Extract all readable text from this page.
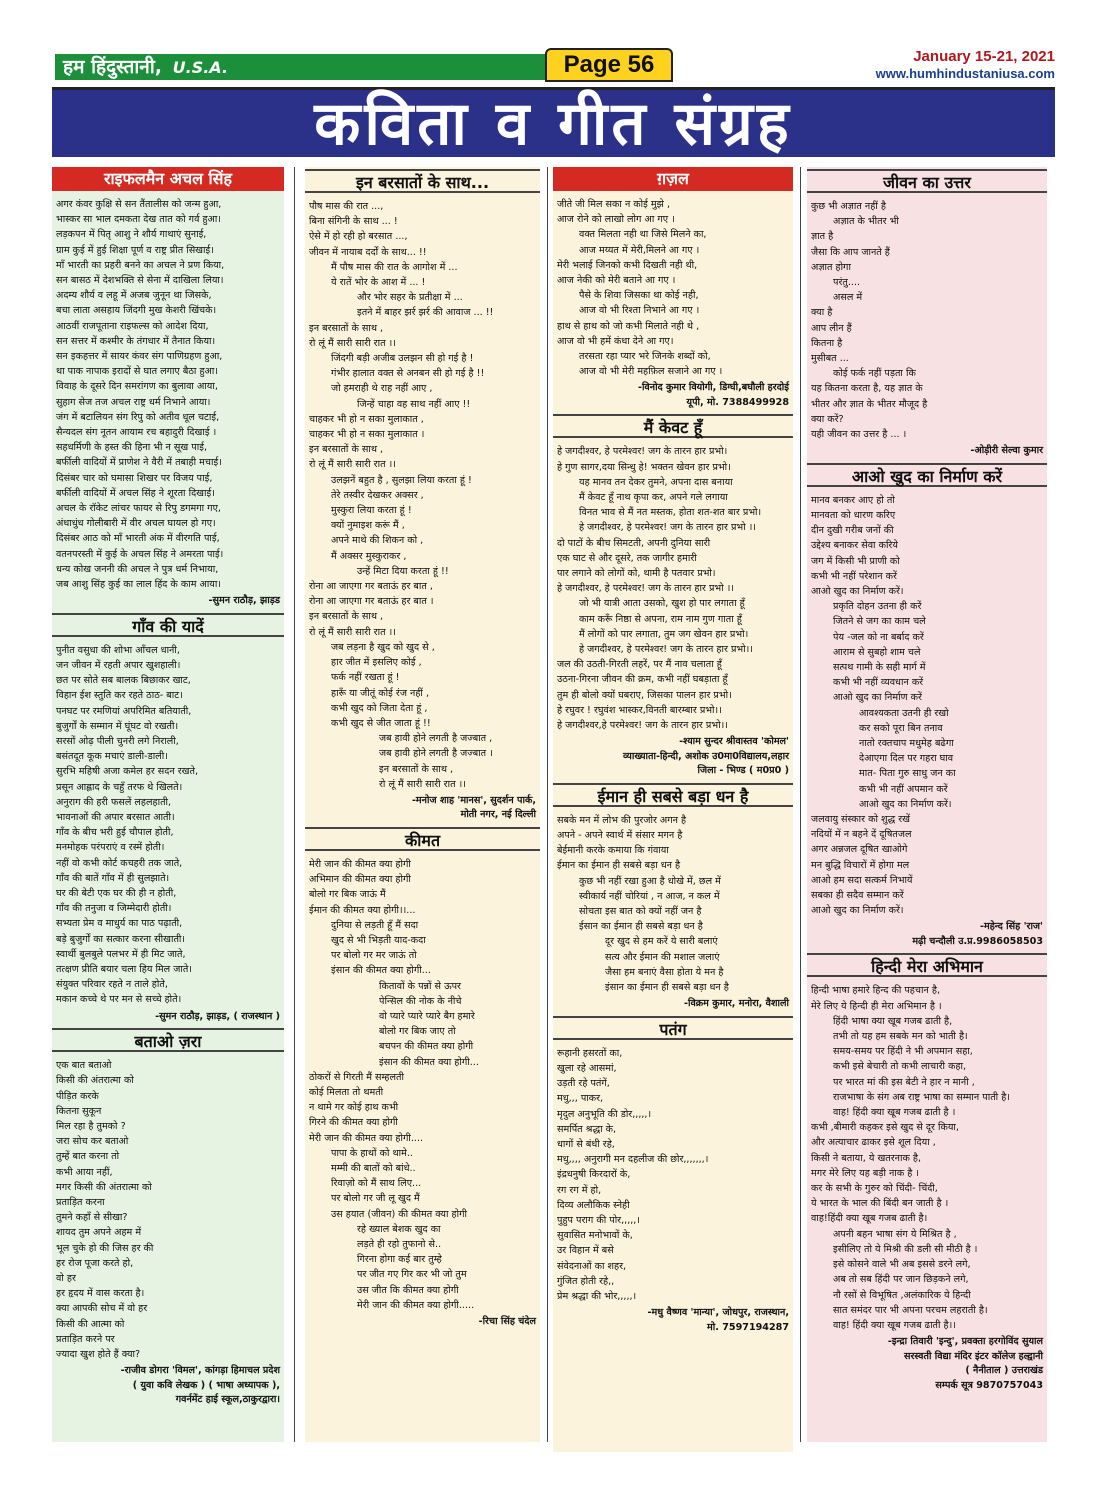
हम हिंदुस्तानी, U.S.A.	Page 56	January 15-21, 2021
www.humhindustaniusa.com
कविता व गीत संग्रह
राइफलमैन अचल सिंह
अगर कंवर कुक्षि से सन तैंतालीस को जन्म हुआ,
भास्कर सा भाल दमकता देख तात को गर्व हुआ।
लड़कपन में पितृ आशु ने शौर्य गाथाएं सुनाई,
ग्राम कुई में हुई शिक्षा पूर्ण व राष्ट्र प्रीत सिखाई।
माँ भारती का प्रहरी बनने का अचल ने प्रण किया,
सन बासठ में देशभक्ति से सेना में दाखिला लिया।
अदम्य शौर्य व लहू में अजब जुनून था जिसके,
बचा लाता असहाय जिंदगी मुख केशरी खिंचके।
आठवीं राजपूताना राइफल्स को आदेश दिया,
सन सत्तर में कश्मीर के तंगधार में तैनात किया।
सन इकहत्तर में सायर कंवर संग पाणिग्रहण हुआ,
था पाक नापाक इरादों से घात लगाए बैठा हुआ।
विवाह के दूसरे दिन समरांगण का बुलावा आया,
सुहाग सेज तज अचल राष्ट्र धर्म निभाने आया।
जंग में बटालियन संग रिपु को अतीव धूल चटाई,
सैन्यदल संग नूतन आयाम रच बहादुरी दिखाई ।
सहधर्मिणी के हस्त की हिना भी न सूख पाई,
बर्फीली वादियों में प्राणेश ने वैरी में तबाही मचाई।
दिसंबर चार को घमासा शिखर पर विजय पाई,
बर्फीली वादियों में अचल सिंह ने शूरता दिखाई।
अचल के रॉकेट लांचर फायर से रिपु डगमगा गए,
अंधाधुंध गोलीबारी में वीर अचल घायल हो गए।
दिसंबर आठ को माँ भारती अंक में वीरगति पाई,
वतनपरस्ती में कुई के अचल सिंह ने अमरता पाई।
धन्य कोख जननी की अचल ने पुत्र धर्म निभाया,
जब आशु सिंह कुई का लाल हिंद के काम आया।
-सुमन राठौड़, झाड़ड
गाँव की यादें
पुनीत वसुधा की शोभा आँचल धानी,
जन जीवन में रहती अपार खुशहाली।
छत पर सोते सब बालक बिछाकर खाट,
विहान ईश स्तुति कर रहते ठाठ- बाट।
पनघट पर रमणियां अपरिमित बतियाती,
बुजुर्गों के सम्मान में घूंघट वो रखती।
सरसों ओढ़ पीली चुनरी लगे निराली,
बसंतदूत कूक मचाएं डाली-डाली।
सुरभि महिषी अजा कमेल हर सदन रखते,
प्रसून आह्लाद के चहुँ तरफ थे खिलते।
अनुराग की हरी फसलें लहलहाती,
भावनाओं की अपार बरसात आती।
गाँव के बीच भरी हुई चौपाल होती,
मनमोहक परंपराएं व रस्में होती।
नहीं वो कभी कोर्ट कचहरी तक जाते,
गाँव की बातें गाँव में ही सुलझाते।
घर की बेटी एक घर की ही न होती,
गाँव की तनुजा व जिम्मेदारी होती।
सभ्यता प्रेम व माधुर्य का पाठ पढ़ाती,
बड़े बुजुर्गों का सत्कार करना सीखाती।
स्वार्थी बुलबुले पलभर में ही मिट जाते,
तत्क्षण प्रीति बयार चला हिय मिल जाते।
संयुक्त परिवार रहते न ताले होते,
मकान कच्चे थे पर मन से सच्चे होते।
-सुमन राठौड़, झाड़ड, ( राजस्थान )
बताओ ज़रा
एक बात बताओ
किसी की अंतरात्मा को
पीड़ित करके
कितना सुकून
मिल रहा है तुमको ?
जरा सोच कर बताओ
तुम्हें बात करना तो
कभी आया नहीं,
मगर किसी की अंतरात्मा को
प्रताड़ित करना
तुमने कहाँ से सीखा?
शायद तुम अपने अहम में
भूल चुके हो की जिस हर की
हर रोज पूजा करते हो,
वो हर
हर हृदय में वास करता है।
क्या आपकी सोच में वो हर
किसी की आत्मा को
प्रताड़ित करने पर
ज्यादा खुश होते हैं क्या?
-राजीव डोगरा 'विमल', कांगड़ा हिमाचल प्रदेश
( युवा कवि लेखक ) ( भाषा अध्यापक ),
गवर्नमेंट हाई स्कूल,ठाकुरद्वारा।
इन बरसातों के साथ...
पौष मास की रात ...,
बिना संगिनी के साथ ... !
ऐसे में हो रही हो बरसात ...,
जीवन में नायाब दर्दों के साथ... !!
मैं पौष मास की रात के आगोश में ...
ये रातें भोर के आश में ... !
और भोर सहर के प्रतीक्षा में ...
इतने में बाहर झर्र झर्र की आवाज ... !!
इन बरसातों के साथ ,
रो लूं मैं सारी सारी रात ।।
जिंदगी बड़ी अजीब उलझन सी हो गई है !
गंभीर हालात वक्त से अनबन सी हो गई है !!
जो हमराही थे राह नहीं आए ,
जिन्हें चाहा वह साथ नहीं आए !!
चाहकर भी हो न सका मुलाकात ,
चाहकर भी हो न सका मुलाकात ।
इन बरसातों के साथ ,
रो लूं मैं सारी सारी रात ।।
उलझनें बहुत है , सुलझा लिया करता हूं !
तेरे तस्वीर देखकर अक्सर ,
मुस्कुरा लिया करता हूं !
क्यों नुमाइश करूं मैं ,
अपने माथे की शिकन को ,
मैं अक्सर मुस्कुराकर ,
उन्हें मिटा दिया करता हूं !!
रोना आ जाएगा गर बताऊं हर बात ,
रोना आ जाएगा गर बताऊं हर बात ।
इन बरसातों के साथ ,
रो लूं मैं सारी सारी रात ।।
जब लड़ना है खुद को खुद से ,
हार जीत में इसलिए कोई ,
फर्क नहीं रखता हूं !
हारूँ या जीतूं कोई रंज नहीं ,
कभी खुद को जिता देता हूं ,
कभी खुद से जीत जाता हूं !!
जब हावी होने लगती है जज्बात ,
जब हावी होने लगती है जज्बात ।
इन बरसातों के साथ ,
रो लूं मैं सारी सारी रात ।।
-मनोज शाह 'मानस', सुदर्शन पार्क,
मोती नगर, नई दिल्ली
कीमत
मेरी जान की कीमत क्या होगी
अभिमान की कीमत क्या होगी
बोलो गर बिक जाऊं मैं
ईमान की कीमत क्या होगी।।...
दुनिया से लड़ती हूँ मैं सदा
खुद से भी भिड़ती याद-कदा
पर बोलो गर मर जाऊं तो
इंसान की कीमत क्या होगी...
कितावों के पन्नों से ऊपर
पेन्सिल की नोक के नीचे
वो प्यारे प्यारे प्यारे बैग हमारे
बोलो गर बिक जाए तो
बचपन की कीमत क्या होगी
इंसान की कीमत क्या होगी...
ठोकरों से गिरती मैं सम्हलती
कोई मिलता तो थमती
न थामे गर कोई हाथ कभी
गिरने की कीमत क्या होगी
मेरी जान की कीमत क्या होगी....
पापा के हाथों को थामे..
मम्मी की बातों को बांधे..
रिवाज़ो को मैं साथ लिए...
पर बोलो गर जी लू खुद मैं
उस हयात (जीवन) की कीमत क्या होगी
रहे ख्याल बेशक खुद का
लड़ते ही रहो तुफानो से..
गिरना होगा कई बार तुम्हे
पर जीत गए गिर कर भी जो तुम
उस जीत कि कीमत क्या होगी
मेरी जान की कीमत क्या होगी.....
-रिचा सिंह चंदेल
ग़ज़ल
जीते जी मिल सका न कोई मुझे ,
आज रोने को लाखो लोग आ गए ।
वक्त मिलता नही था जिसे मिलने का,
आज मय्यत में मेरी,मिलने आ गए ।
मेरी भलाई जिनको कभी दिखती नही थी,
आज नेकी को मेरी बताने आ गए ।
पैसे के शिवा जिसका था कोई नही,
आज वो भी रिश्ता निभाने आ गए ।
हाथ से हाथ को जो कभी मिलाते नही थे ,
आज वो भी हमें कंधा देने आ गए।
तरसता रहा प्यार भरे जिनके शब्दों को,
आज वो भी मेरी महफ़िल सजाने आ गए ।
-विनोद कुमार वियोगी, डिग्घी,बघौली हरदोई
यूपी, मो. 7388499928
मैं केवट हूँ
हे जगदीश्वर, हे परमेश्वर! जग के तारन हार प्रभो।
हे गुण सागर,दया सिन्धु हे! भक्तन खेवन हार प्रभो।
यह मानव तन देकर तुमने, अपना दास बनाया
मैं केवट हूँ नाथ कृपा कर, अपने गले लगाया
विनत भाव से मैं नत मस्तक, होता शत-शत बार प्रभो।
हे जगदीश्वर, हे परमेश्वर! जग के तारन हार प्रभो ।।
दो पाटों के बीच सिमटती, अपनी दुनिया सारी
एक घाट से और दूसरे, तक जागीर हमारी
पार लगाने को लोगों को, थामी है पतवार प्रभो।
हे जगदीश्वर, हे परमेश्वर! जग के तारन हार प्रभो ।।
जो भी यात्री आता उसको, खुश हो पार लगाता हूँ
काम करूँ निष्ठा से अपना, राम नाम गुण गाता हूँ
मैं लोगों को पार लगाता, तुम जग खेवन हार प्रभो।
हे जगदीश्वर, हे परमेश्वर! जग के तारन हार प्रभो।।
जल की उठती-गिरती लहरें, पर मैं नाव चलाता हूँ
उठना-गिरना जीवन की क्रम, कभी नहीं घबड़ाता हूँ
तुम ही बोलो क्यों घबराए, जिसका पालन हार प्रभो।
हे रघुवर ! रघुवंश भास्कर,विनती बारम्बार प्रभो।।
हे जगदीश्वर,हे परमेश्वर! जग के तारन हार प्रभो।।
-श्याम सुन्दर श्रीवास्तव 'कोमल'
व्याख्याता-हिन्दी, अशोक उ0मा0विद्यालय,लहार
जिला - भिण्ड ( म0प्र0 )
ईमान ही सबसे बड़ा धन है
सबके मन में लोभ की पुरजोर अगन है
अपने - अपने स्वार्थ में संसार मगन है
बेईमानी करके कमाया कि गंवाया
ईमान का ईमान ही सबसे बड़ा धन है
कुछ भी नहीं रखा हुआ है धोखे में, छल में
स्वीकार्य नहीं चोरियां , न आज, न कल में
सोचता इस बात को क्यों नहीं जन है
ईसान का ईमान ही सबसे बड़ा धन है
दूर खुद से हम करें ये सारी बलाएं
सत्य और ईमान की मशाल जलाएं
जैसा हम बनाएं वैसा होता ये मन है
इंसान का ईमान ही सबसे बड़ा धन है
-विक्रम कुमार, मनोरा, वैशाली
पतंग
रूहानी हसरतों का,
खुला रहे आसमां,
उड़ती रहे पतंगें,
मधु,,, पाकर,
मृदुल अनुभूति की डोर,,,,,।
समर्पित श्रद्धा के,
धागों से बंधी रहे,
मधु,,,, अनुरागी मन दहलीज की छोर,,,,,,,।
इंद्रधनुषी किरदारों के,
रग रग में हो,
दिव्य अलौकिक स्नेही
पुहुप पराग की पोर,,,,,।
सुवासित मनोभावों के,
उर विहान में बसे
संवेदनाओं का शहर,
गुंजित होती रहे,,
प्रेम श्रद्धा की भोर,,,,,।
-मधु वैष्णव 'मान्या', जोधपुर, राजस्थान,
मो. 7597194287
जीवन का उत्तर
कुछ भी अज्ञात नहीं है
अज्ञात के भीतर भी
ज्ञात है
जैसा कि आप जानते हैं
अज्ञात होगा
परंतु....
असल में
क्या है
आप लीन हैं
कितना है
मुसीबत ...
कोई फर्क नहीं पड़ता कि
यह कितना करता है, यह ज्ञात के
भीतर और ज्ञात के भीतर मौजूद है
क्या करें?
यही जीवन का उत्तर है ... ।
-ओड़ीरी सेल्वा कुमार
आओ खुद का निर्माण करें
मानव बनकर आए हो तो
मानवता को धारण करिए
दीन दुखी गरीब जनों की
उद्देश्य बनाकर सेवा करिये
जग में किसी भी प्राणी को
कभी भी नहीं परेशान करें
आओ खुद का निर्माण करें।
प्रकृति दोहन उतना ही करें
जितने से जग का काम चले
पेय -जल को ना बर्बाद करें
आराम से सुबहो शाम चले
सत्पथ गामी के सही मार्ग में
कभी भी नहीं व्यवधान करें
आओ खुद का निर्माण करें
आवश्यकता उतनी ही रखो
कर सको पूरा बिन तनाव
नातो रक्तचाप मधुमेह बढेगा
देआएगा दिल पर गहरा घाव
मात- पिता गुरु साधु जन का
कभी भी नहीं अपमान करें
आओ खुद का निर्माण करें।
जलवायु संस्कार को शुद्ध रखें
नदियों में न बहने दें दूषितजल
अगर अन्नजल दूषित खाओगे
मन बुद्धि विचारों में होगा मल
आओ हम सदा सत्कर्म निभायें
सबका ही सदैव सम्मान करें
आओ खुद का निर्माण करें।
-महेन्द सिंह 'राज'
मढ़ी चन्दौली उ.प्र.9986058503
हिन्दी मेरा अभिमान
हिन्दी भाषा हमारे हिन्द की पहचान है,
मेरे लिए ये हिन्दी ही मेरा अभिमान है ।
हिंदी भाषा क्या खूब गजब ढाती है,
तभी तो यह हम सबके मन को भाती है।
समय-समय पर हिंदी ने भी अपमान सहा,
कभी इसे बेचारी तो कभी लाचारी कहा,
पर भारत मां की इस बेटी ने हार न मानी ,
राजभाषा के संग अब राष्ट्र भाषा का सम्मान पाती है।
वाह! हिंदी क्या खूब गजब ढाती है ।
कभी ,बीमारी कहकर इसे खुद से दूर किया,
और अत्याचार ढाकर इसे शूल दिया ,
किसी ने बताया, ये खतरनाक है,
मगर मेरे लिए यह बड़ी नाक है ।
कर के सभी के गुरुर को चिंदी- चिंदी,
ये भारत के भाल की बिंदी बन जाती है ।
वाह!हिंदी क्या खूब गजब ढाती है।
अपनी बहन भाषा संग ये मिश्रित है ,
इसीलिए तो ये मिश्री की डली सी मीठी है ।
इसे कोसने वाले भी अब इससे डरने लगे,
अब तो सब हिंदी पर जान छिड़कने लगे,
नौ रसों से विभूषित ,अलंकारिक ये हिन्दी
सात समंदर पार भी अपना परचम लहराती है।
वाह! हिंदी क्या खूब गजब ढाती है।।
-इन्द्रा तिवारी 'इन्दु', प्रवक्ता हरगोविंद सुयाल
सरस्वती विद्या मंदिर इंटर कॉलेज हल्द्वानी
( नैनीताल ) उत्तराखंड
सम्पर्क सूत्र 9870757043
